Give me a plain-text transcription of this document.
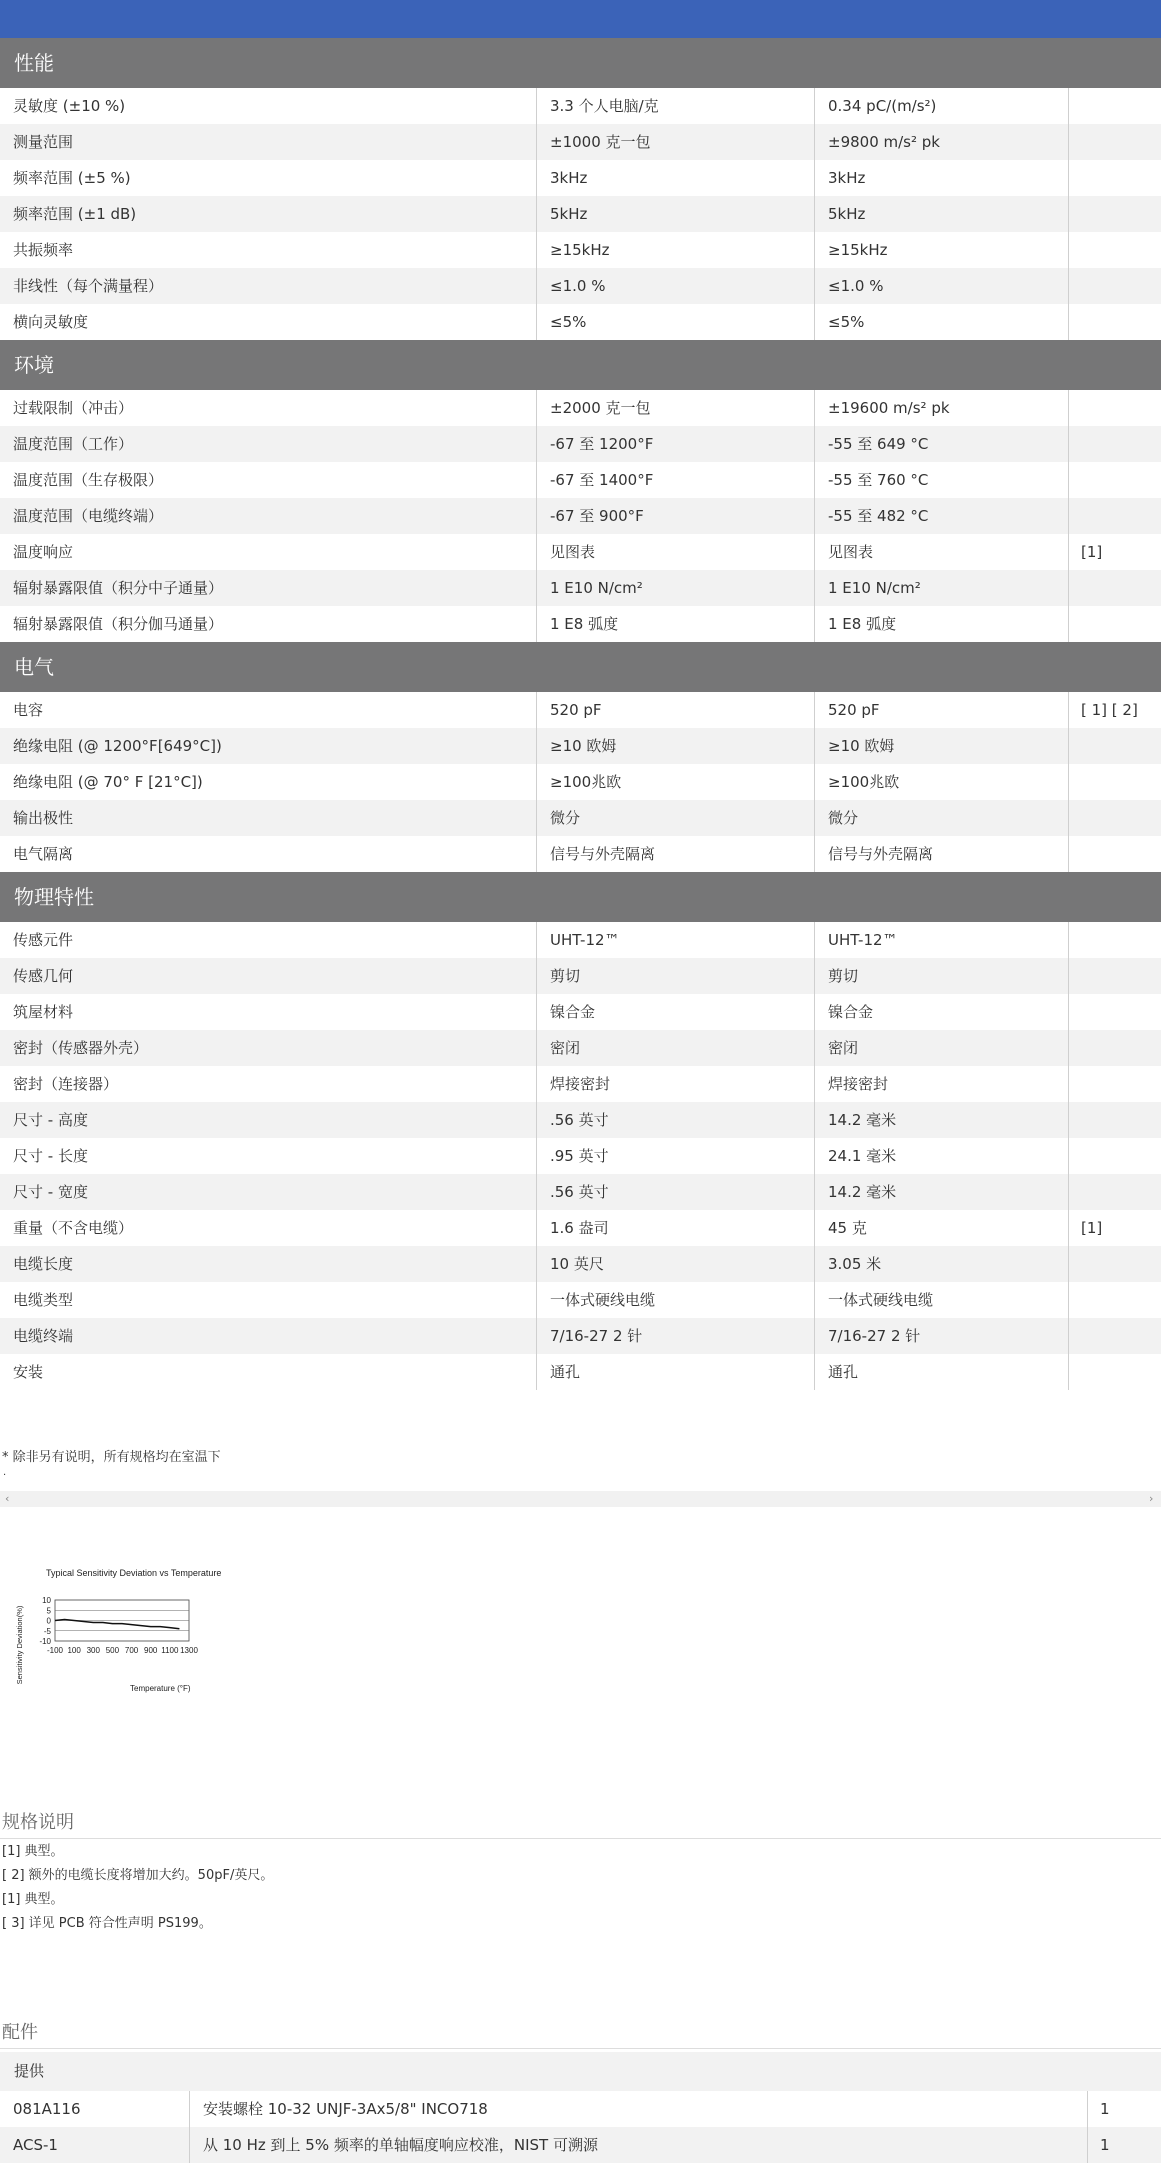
性能
灵敏度 (±10 %)	3.3 个人电脑/克	0.34 pC/(m/s²)
测量范围	±1000 克一包	±9800 m/s² pk
频率范围 (±5 %)	3kHz	3kHz
频率范围 (±1 dB)	5kHz	5kHz
共振频率	≥15kHz	≥15kHz
非线性（每个满量程）	≤1.0 %	≤1.0 %
横向灵敏度	≤5%	≤5%
环境
过载限制（冲击）	±2000 克一包	±19600 m/s² pk
温度范围（工作）	-67 至 1200°F	-55 至 649 °C
温度范围（生存极限）	-67 至 1400°F	-55 至 760 °C
温度范围（电缆终端）	-67 至 900°F	-55 至 482 °C
温度响应	见图表	见图表	[1]
辐射暴露限值（积分中子通量）	1 E10 N/cm²	1 E10 N/cm²
辐射暴露限值（积分伽马通量）	1 E8 弧度	1 E8 弧度
电气
电容	520 pF	520 pF	[ 1] [ 2]
绝缘电阻 (@ 1200°F[649°C])	≥10 欧姆	≥10 欧姆
绝缘电阻 (@ 70° F [21°C])	≥100兆欧	≥100兆欧
输出极性	微分	微分
电气隔离	信号与外壳隔离	信号与外壳隔离
物理特性
传感元件	UHT-12™	UHT-12™
传感几何	剪切	剪切
筑屋材料	镍合金	镍合金
密封（传感器外壳）	密闭	密闭
密封（连接器）	焊接密封	焊接密封
尺寸 - 高度	.56 英寸	14.2 毫米
尺寸 - 长度	.95 英寸	24.1 毫米
尺寸 - 宽度	.56 英寸	14.2 毫米
重量（不含电缆）	1.6 盎司	45 克	[1]
电缆长度	10 英尺	3.05 米
电缆类型	一体式硬线电缆	一体式硬线电缆
电缆终端	7/16-27 2 针	7/16-27 2 针
安装	通孔	通孔
* 除非另有说明，所有规格均在室温下
.
‹	›
Typical Sensitivity Deviation vs Temperature
10
5
0
-5
-10
-100 100 300 500 700 900 1100 1300
Temperature (°F)
Sensitivity Deviation(%)
规格说明
[1] 典型。
[ 2] 额外的电缆长度将增加大约。50pF/英尺。
[1] 典型。
[ 3] 详见 PCB 符合性声明 PS199。
配件
提供
081A116	安装螺栓 10-32 UNJF-3Ax5/8" INCO718	1
ACS-1	从 10 Hz 到上 5% 频率的单轴幅度响应校准，NIST 可溯源	1
